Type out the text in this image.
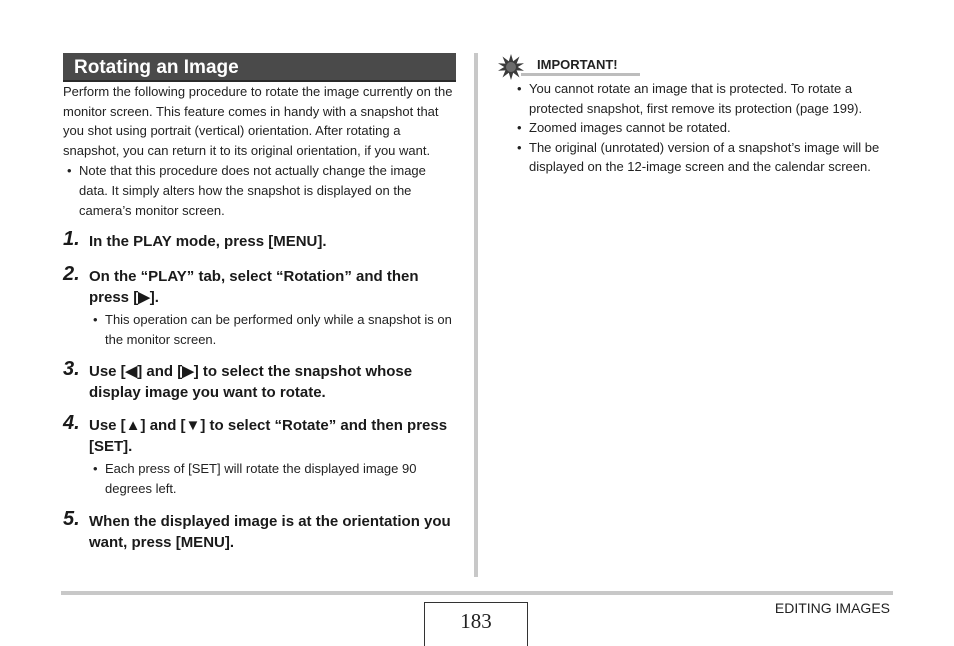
Rotating an Image
Perform the following procedure to rotate the image currently on the monitor screen. This feature comes in handy with a snapshot that you shot using portrait (vertical) orientation. After rotating a snapshot, you can return it to its original orientation, if you want.
• Note that this procedure does not actually change the image data. It simply alters how the snapshot is displayed on the camera’s monitor screen.
1. In the PLAY mode, press [MENU].
2. On the “PLAY” tab, select “Rotation” and then press [▶].
• This operation can be performed only while a snapshot is on the monitor screen.
3. Use [◀] and [▶] to select the snapshot whose display image you want to rotate.
4. Use [▲] and [▼] to select “Rotate” and then press [SET].
• Each press of [SET] will rotate the displayed image 90 degrees left.
5. When the displayed image is at the orientation you want, press [MENU].
IMPORTANT!
• You cannot rotate an image that is protected. To rotate a protected snapshot, first remove its protection (page 199).
• Zoomed images cannot be rotated.
• The original (unrotated) version of a snapshot’s image will be displayed on the 12-image screen and the calendar screen.
EDITING IMAGES
183
